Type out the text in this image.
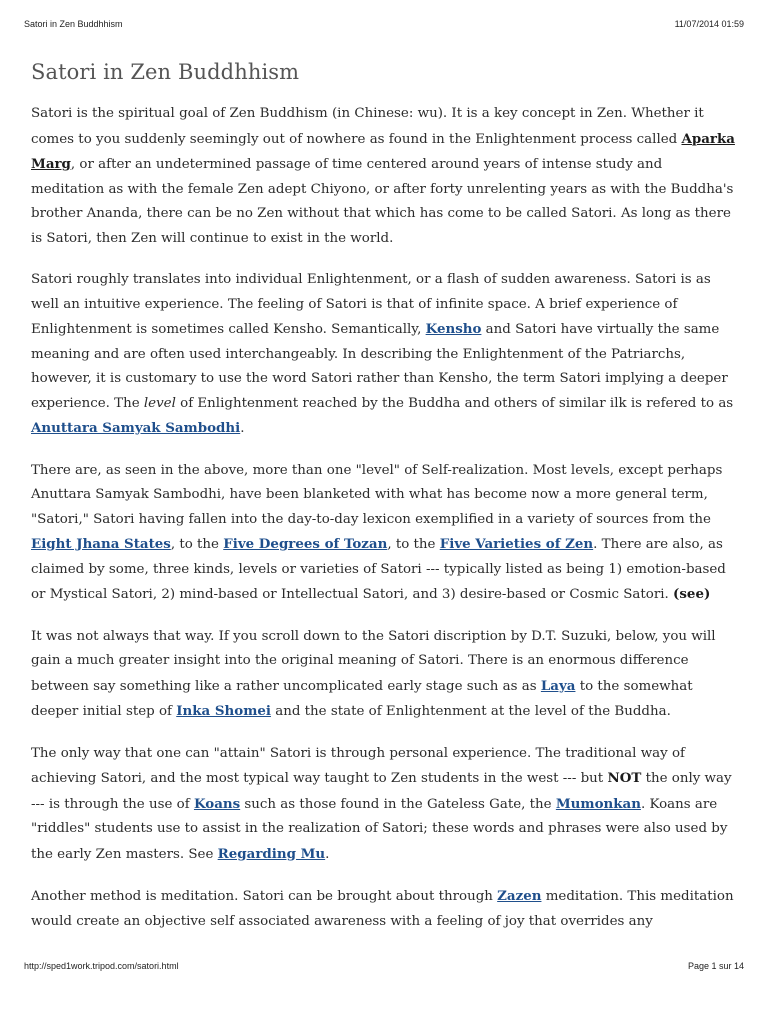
Satori in Zen Buddhhism	11/07/2014 01:59
Satori in Zen Buddhhism

Satori is the spiritual goal of Zen Buddhism (in Chinese: wu). It is a key concept in Zen. Whether it comes to you suddenly seemingly out of nowhere as found in the Enlightenment process called Aparka Marg, or after an undetermined passage of time centered around years of intense study and meditation as with the female Zen adept Chiyono, or after forty unrelenting years as with the Buddha's brother Ananda, there can be no Zen without that which has come to be called Satori. As long as there is Satori, then Zen will continue to exist in the world.

Satori roughly translates into individual Enlightenment, or a flash of sudden awareness. Satori is as well an intuitive experience. The feeling of Satori is that of infinite space. A brief experience of Enlightenment is sometimes called Kensho. Semantically, Kensho and Satori have virtually the same meaning and are often used interchangeably. In describing the Enlightenment of the Patriarchs, however, it is customary to use the word Satori rather than Kensho, the term Satori implying a deeper experience. The level of Enlightenment reached by the Buddha and others of similar ilk is refered to as Anuttara Samyak Sambodhi.

There are, as seen in the above, more than one "level" of Self-realization. Most levels, except perhaps Anuttara Samyak Sambodhi, have been blanketed with what has become now a more general term, "Satori," Satori having fallen into the day-to-day lexicon exemplified in a variety of sources from the Eight Jhana States, to the Five Degrees of Tozan, to the Five Varieties of Zen. There are also, as claimed by some, three kinds, levels or varieties of Satori --- typically listed as being 1) emotion-based or Mystical Satori, 2) mind-based or Intellectual Satori, and 3) desire-based or Cosmic Satori. (see)

It was not always that way. If you scroll down to the Satori discription by D.T. Suzuki, below, you will gain a much greater insight into the original meaning of Satori. There is an enormous difference between say something like a rather uncomplicated early stage such as as Laya to the somewhat deeper initial step of Inka Shomei and the state of Enlightenment at the level of the Buddha.

The only way that one can "attain" Satori is through personal experience. The traditional way of achieving Satori, and the most typical way taught to Zen students in the west --- but NOT the only way --- is through the use of Koans such as those found in the Gateless Gate, the Mumonkan. Koans are "riddles" students use to assist in the realization of Satori; these words and phrases were also used by the early Zen masters. See Regarding Mu.

Another method is meditation. Satori can be brought about through Zazen meditation. This meditation would create an objective self associated awareness with a feeling of joy that overrides any

http://sped1work.tripod.com/satori.html	Page 1 sur 14
